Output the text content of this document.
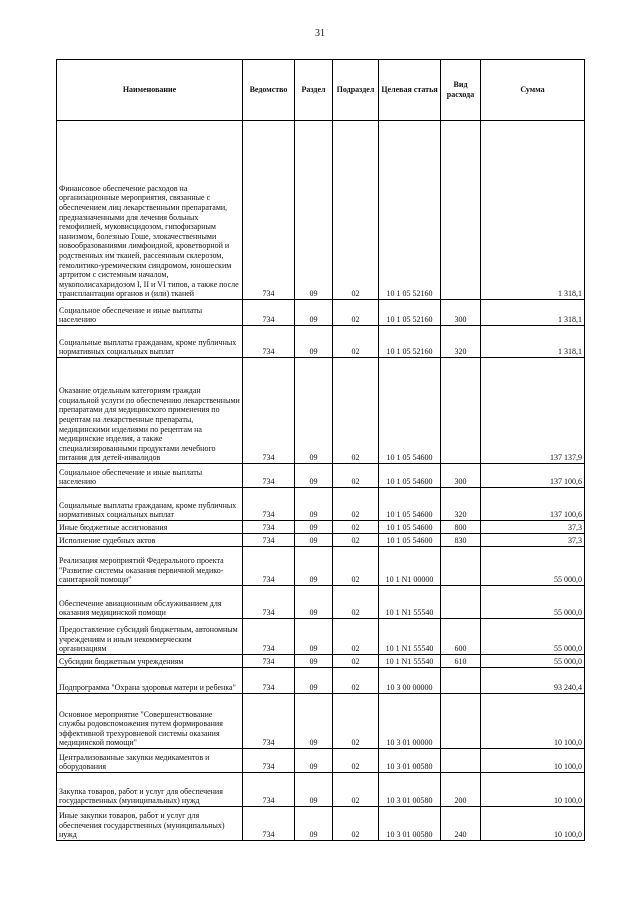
31
Наименование	Ведомство	Раздел	Подраздел	Целевая статья	Вид расхода	Сумма
Финансовое обеспечение расходов на организационные мероприятия, связанные с обеспечением лиц лекарственными препаратами, предназначенными для лечения больных гемофилией, муковисцидозом, гипофизарным нанизмом, болезнью Гоше, злокачественными новообразованиями лимфоидной, кроветворной и родственных им тканей, рассеянным склерозом, гемолитико-уремическим синдромом, юношеским артритом с системным началом, мукополисахаридозом I, II и VI типов, а также после трансплантации органов и (или) тканей	734	09	02	10 1 05 52160		1 318,1
Социальное обеспечение и иные выплаты населению	734	09	02	10 1 05 52160	300	1 318,1
Социальные выплаты гражданам, кроме публичных нормативных социальных выплат	734	09	02	10 1 05 52160	320	1 318,1
Оказание отдельным категориям граждан социальной услуги по обеспечению лекарственными препаратами для медицинского применения по рецептам на лекарственные препараты, медицинскими изделиями по рецептам на медицинские изделия, а также специализированными продуктами лечебного питания для детей-инвалидов	734	09	02	10 1 05 54600		137 137,9
Социальное обеспечение и иные выплаты населению	734	09	02	10 1 05 54600	300	137 100,6
Социальные выплаты гражданам, кроме публичных нормативных социальных выплат	734	09	02	10 1 05 54600	320	137 100,6
Иные бюджетные ассигнования	734	09	02	10 1 05 54600	800	37,3
Исполнение судебных актов	734	09	02	10 1 05 54600	830	37,3
Реализация мероприятий Федерального проекта "Развитие системы оказания первичной медико-санитарной помощи"	734	09	02	10 1 N1 00000		55 000,0
Обеспечение авиационным обслуживанием для оказания медицинской помощи	734	09	02	10 1 N1 55540		55 000,0
Предоставление субсидий бюджетным, автономным учреждениям и иным некоммерческим организациям	734	09	02	10 1 N1 55540	600	55 000,0
Субсидии бюджетным учреждениям	734	09	02	10 1 N1 55540	610	55 000,0
Подпрограмма "Охрана здоровья матери и ребенка"	734	09	02	10 3 00 00000		93 240,4
Основное мероприятие "Совершенствование службы родовспоможения путем формирования эффективной трехуровневой системы оказания медицинской помощи"	734	09	02	10 3 01 00000		10 100,0
Централизованные закупки медикаментов и оборудования	734	09	02	10 3 01 00580		10 100,0
Закупка товаров, работ и услуг для обеспечения государственных (муниципальных) нужд	734	09	02	10 3 01 00580	200	10 100,0
Иные закупки товаров, работ и услуг для обеспечения государственных (муниципальных) нужд	734	09	02	10 3 01 00580	240	10 100,0
